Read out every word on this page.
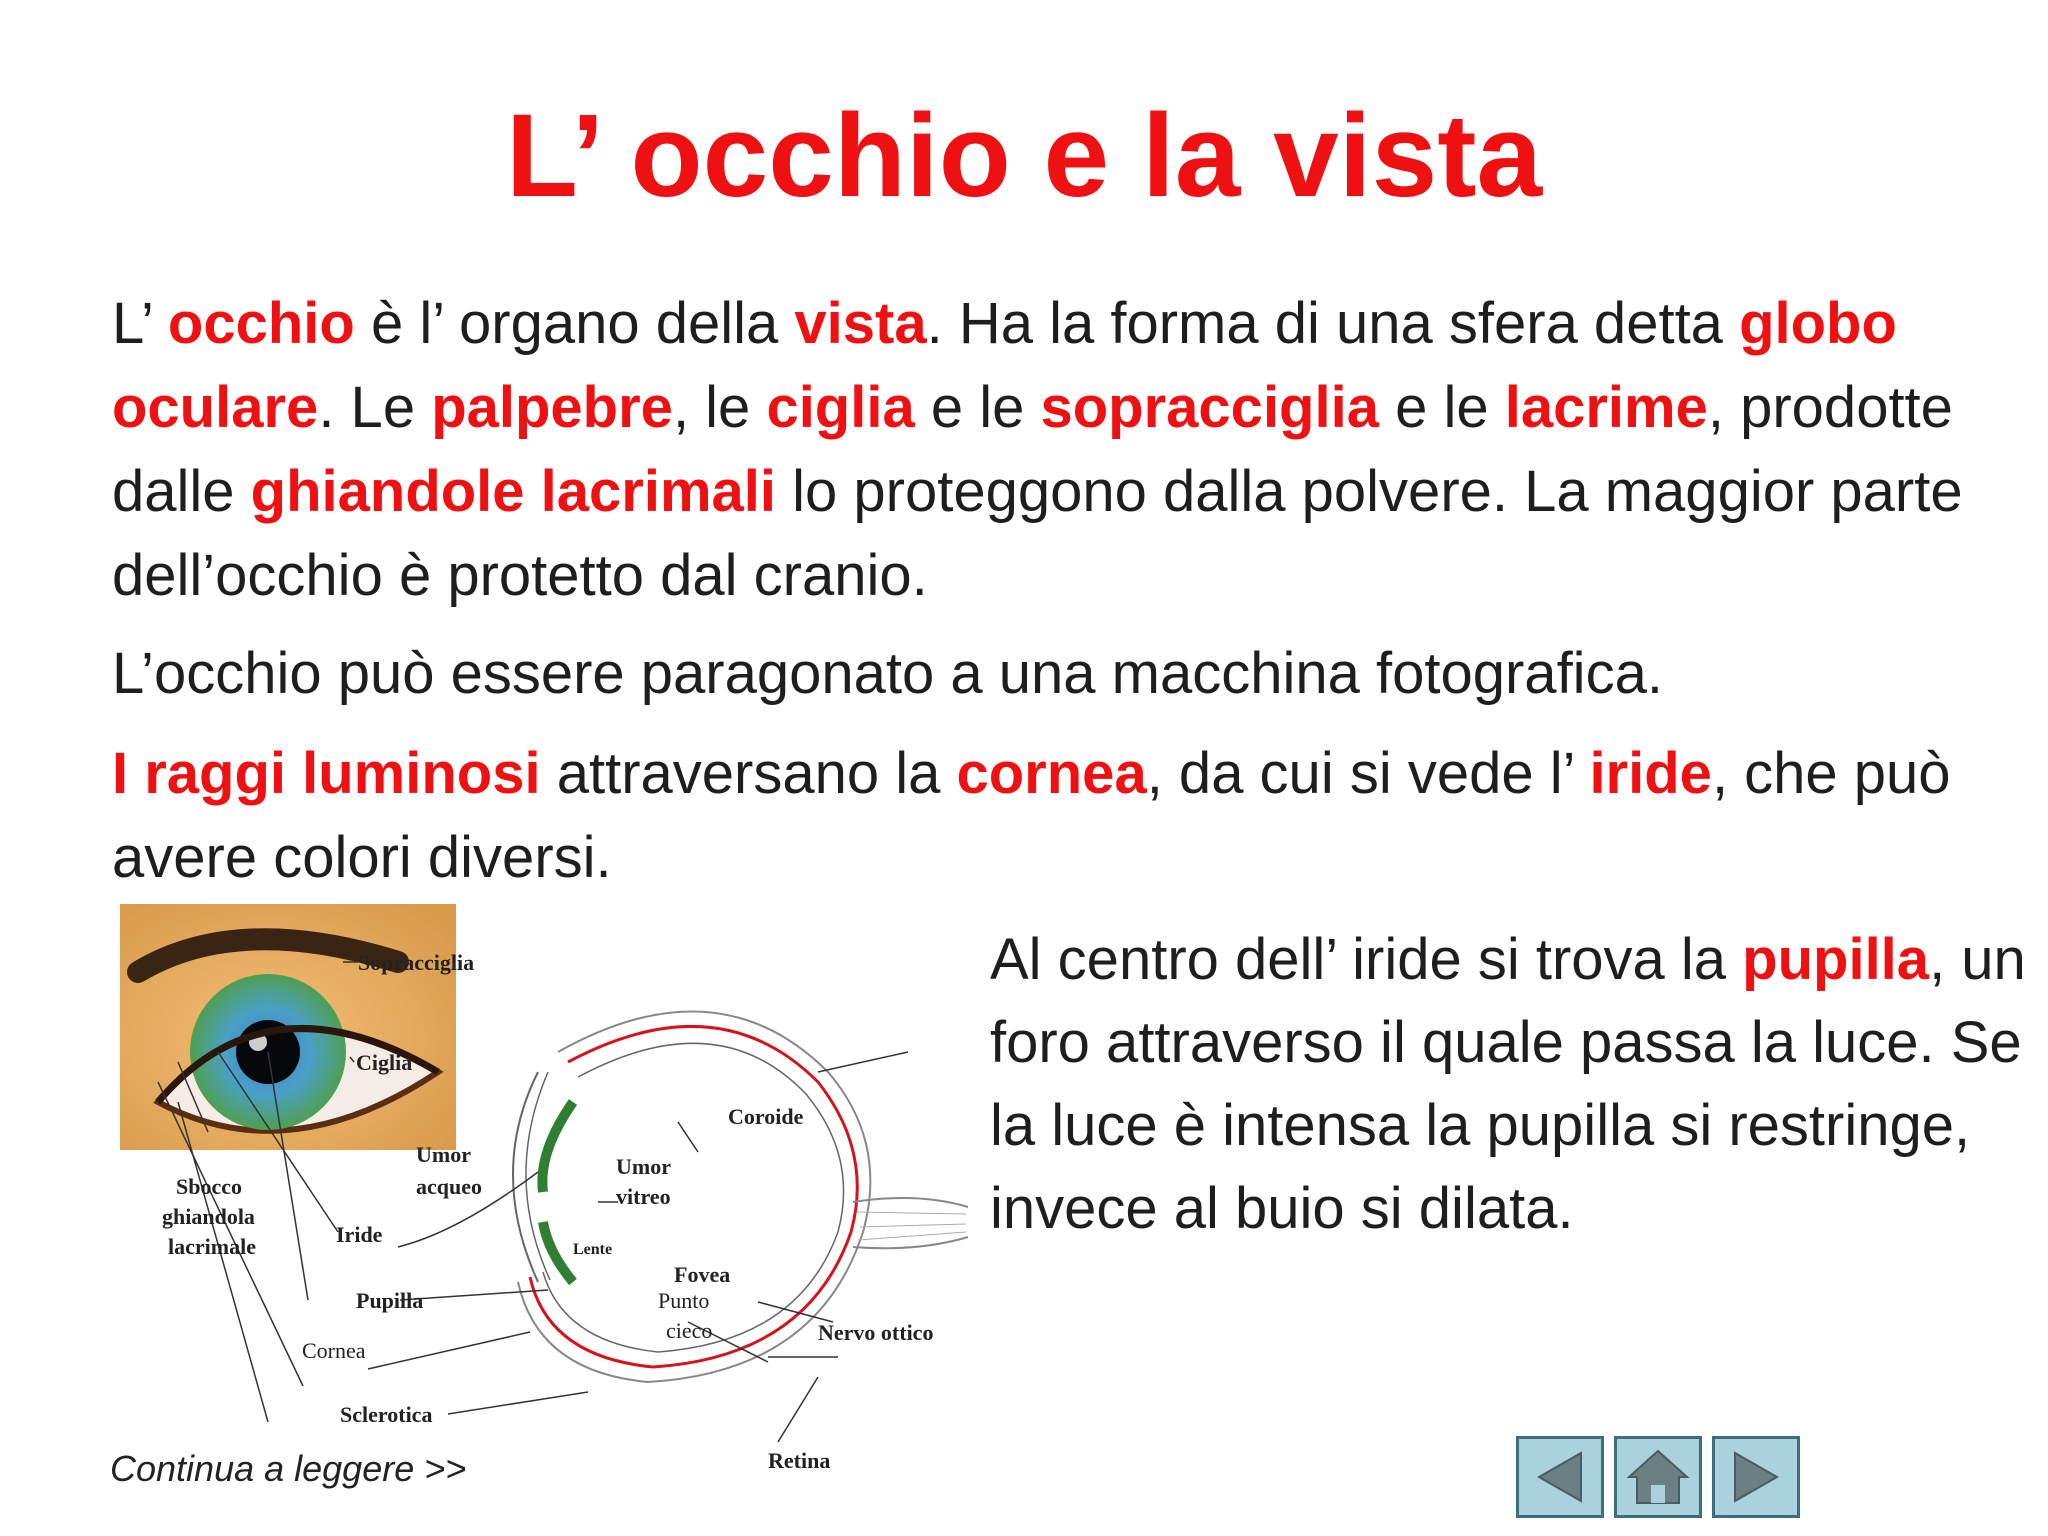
L’ occhio e la vista
L’ occhio è l’ organo della vista. Ha la forma di una sfera detta globo oculare. Le palpebre, le ciglia e le sopracciglia e le lacrime, prodotte dalle ghiandole lacrimali lo proteggono dalla polvere. La maggior parte dell’occhio è protetto dal cranio.
L’occhio può essere paragonato a una macchina fotografica.
I raggi luminosi attraversano la cornea, da cui si vede l’ iride, che può avere colori diversi.
Al centro dell’ iride si trova la pupilla, un foro attraverso il quale passa la luce. Se la luce è intensa la pupilla si restringe, invece al buio si dilata.
Sopracciglia
Ciglia
Coroide
Umor
acqueo
Umor
vitreo
Sbocco
ghiandola
lacrimale	Iride
Lente
Fovea
Punto
cieco
Pupilla
Nervo ottico
Cornea
Sclerotica
Retina
Continua a leggere >>
